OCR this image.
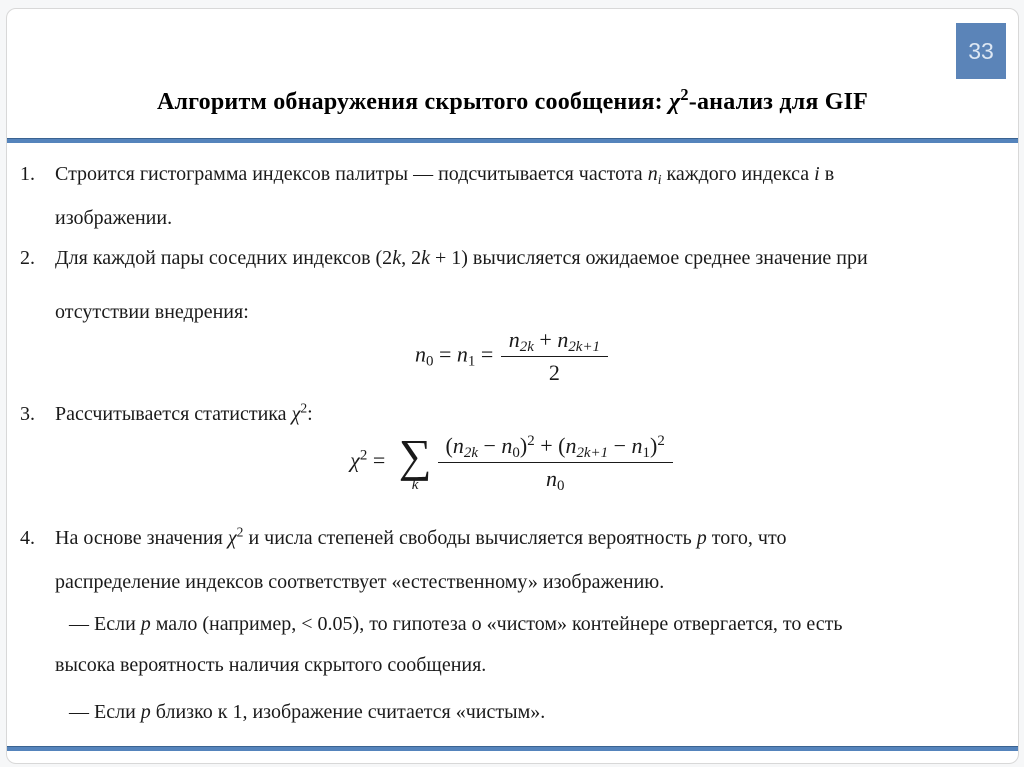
33
Алгоритм обнаружения скрытого сообщения: $\chi^2$-анализ для GIF
1. Строится гистограмма индексов палитры — подсчитывается частота $n_i$ каждого индекса i в
изображении.
2. Для каждой пары соседних индексов (2k, 2k + 1) вычисляется ожидаемое среднее значение при
отсутствии внедрения:
$n_0 = n_1 = \frac{n_{2k} + n_{2k+1}}{2}$
3. Рассчитывается статистика $\chi^2$:
$\chi^2$ = ∑
k $\frac{(n_{2k} - n_0)^2 + (n_{2k+1} - n_1)^2}{n_0}$
4. На основе значения $\chi^2$ и числа степеней свободы вычисляется вероятность p того, что
распределение индексов соответствует «естественному» изображению.
— Если p мало (например, < 0.05), то гипотеза о «чистом» контейнере отвергается, то есть
высока вероятность наличия скрытого сообщения.
— Если p близко к 1, изображение считается «чистым».
